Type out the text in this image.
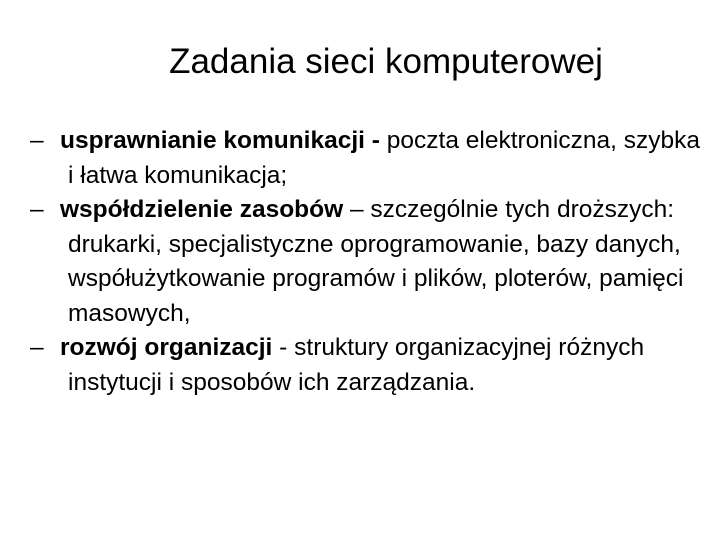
Zadania sieci komputerowej
– usprawnianie komunikacji - poczta elektroniczna, szybka i łatwa komunikacja;
– współdzielenie zasobów – szczególnie tych droższych: drukarki, specjalistyczne oprogramowanie, bazy danych, współużytkowanie programów i plików, ploterów, pamięci masowych,
– rozwój organizacji - struktury organizacyjnej różnych instytucji i sposobów ich zarządzania.
